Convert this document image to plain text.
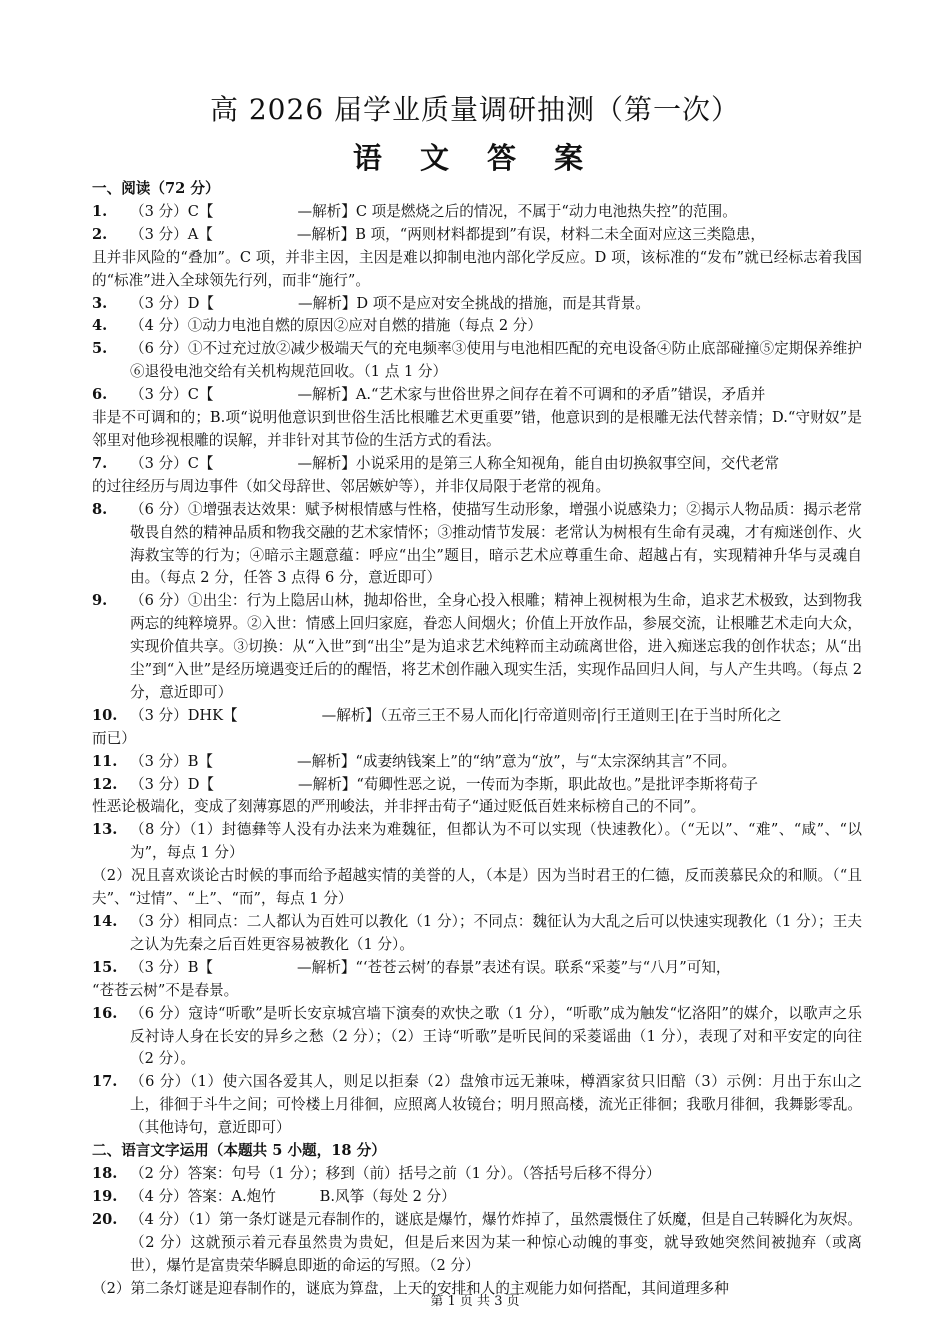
高 2026 届学业质量调研抽测（第一次）
语 文 答 案
一、阅读（72 分）
1.	（3 分）C【	—解析】C 项是燃烧之后的情况，不属于“动力电池热失控”的范围。
2.	（3 分）A【	—解析】B 项，“两则材料都提到”有误，材料二未全面对应这三类隐患，
且并非风险的“叠加”。C 项，并非主因，主因是难以抑制电池内部化学反应。D 项，该标准的“发布”就已经标志着我国的“标准”进入全球领先行列，而非“施行”。
3.	（3 分）D【	—解析】D 项不是应对安全挑战的措施，而是其背景。
4.	（4 分）①动力电池自燃的原因②应对自燃的措施（每点 2 分）
5.	（6 分）①不过充过放②减少极端天气的充电频率③使用与电池相匹配的充电设备④防止底部碰撞⑤定期保养维护⑥退役电池交给有关机构规范回收。（1 点 1 分）
6.	（3 分）C【	—解析】A.“艺术家与世俗世界之间存在着不可调和的矛盾”错误，矛盾并
非是不可调和的；B.项“说明他意识到世俗生活比根雕艺术更重要”错，他意识到的是根雕无法代替亲情；D.“守财奴”是邻里对他珍视根雕的误解，并非针对其节俭的生活方式的看法。
7.	（3 分）C【	—解析】小说采用的是第三人称全知视角，能自由切换叙事空间，交代老常
的过往经历与周边事件（如父母辞世、邻居嫉妒等），并非仅局限于老常的视角。
8.	（6 分）①增强表达效果：赋予树根情感与性格，使描写生动形象，增强小说感染力；②揭示人物品质：揭示老常敬畏自然的精神品质和物我交融的艺术家情怀；③推动情节发展：老常认为树根有生命有灵魂，才有痴迷创作、火海救宝等的行为；④暗示主题意蕴：呼应“出尘”题目，暗示艺术应尊重生命、超越占有，实现精神升华与灵魂自由。（每点 2 分，任答 3 点得 6 分，意近即可）
9.	（6 分）①出尘：行为上隐居山林，抛却俗世，全身心投入根雕；精神上视树根为生命，追求艺术极致，达到物我两忘的纯粹境界。②入世：情感上回归家庭，眷恋人间烟火；价值上开放作品，参展交流，让根雕艺术走向大众，实现价值共享。③切换：从“入世”到“出尘”是为追求艺术纯粹而主动疏离世俗，进入痴迷忘我的创作状态；从“出尘”到“入世”是经历境遇变迁后的的醒悟，将艺术创作融入现实生活，实现作品回归人间，与人产生共鸣。（每点 2 分，意近即可）
10. （3 分）DHK【	—解析】（五帝三王不易人而化|行帝道则帝|行王道则王|在于当时所化之
而已）
11. （3 分）B【	—解析】“成妻纳钱案上”的“纳”意为“放”，与“太宗深纳其言”不同。
12. （3 分）D【	—解析】“荀卿性恶之说，一传而为李斯，职此故也。”是批评李斯将荀子
性恶论极端化，变成了刻薄寡恩的严刑峻法，并非抨击荀子“通过贬低百姓来标榜自己的不同”。
13. （8 分）（1）封德彝等人没有办法来为难魏征，但都认为不可以实现（快速教化）。（“无以”、“难”、“咸”、“以为”，每点 1 分）
（2）况且喜欢谈论古时候的事而给予超越实情的美誉的人，（本是）因为当时君王的仁德，反而羡慕民众的和顺。（“且夫”、“过情”、“上”、“而”，每点 1 分）
14. （3 分）相同点：二人都认为百姓可以教化（1 分）；不同点：魏征认为大乱之后可以快速实现教化（1 分）；王夫之认为先秦之后百姓更容易被教化（1 分）。
15. （3 分）B【	—解析】“‘苍苍云树’的春景”表述有误。联系“采菱”与“八月”可知，
“苍苍云树”不是春景。
16. （6 分）寇诗“听歌”是听长安京城宫墙下演奏的欢快之歌（1 分），“听歌”成为触发“忆洛阳”的媒介，以歌声之乐反衬诗人身在长安的异乡之愁（2 分）；（2）王诗“听歌”是听民间的采菱谣曲（1 分），表现了对和平安定的向往（2 分）。
17. （6 分）（1）使六国各爱其人，则足以拒秦（2）盘飧市远无兼味，樽酒家贫只旧醅（3）示例：月出于东山之上，徘徊于斗牛之间；可怜楼上月徘徊，应照离人妆镜台；明月照高楼，流光正徘徊；我歌月徘徊，我舞影零乱。（其他诗句，意近即可）
二、语言文字运用（本题共 5 小题，18 分）
18. （2 分）答案：句号（1 分）；移到（前）括号之前（1 分）。（答括号后移不得分）
19. （4 分）答案：A.炮竹　　　B.风筝（每处 2 分）
20. （4 分）（1）第一条灯谜是元春制作的，谜底是爆竹，爆竹炸掉了，虽然震慑住了妖魔，但是自己转瞬化为灰烬。（2 分）这就预示着元春虽然贵为贵妃，但是后来因为某一种惊心动魄的事变，就导致她突然间被抛弃（或离世），爆竹是富贵荣华瞬息即逝的命运的写照。（2 分）
（2）第二条灯谜是迎春制作的，谜底为算盘，上天的安排和人的主观能力如何搭配，其间道理多种
第 1 页 共 3 页
